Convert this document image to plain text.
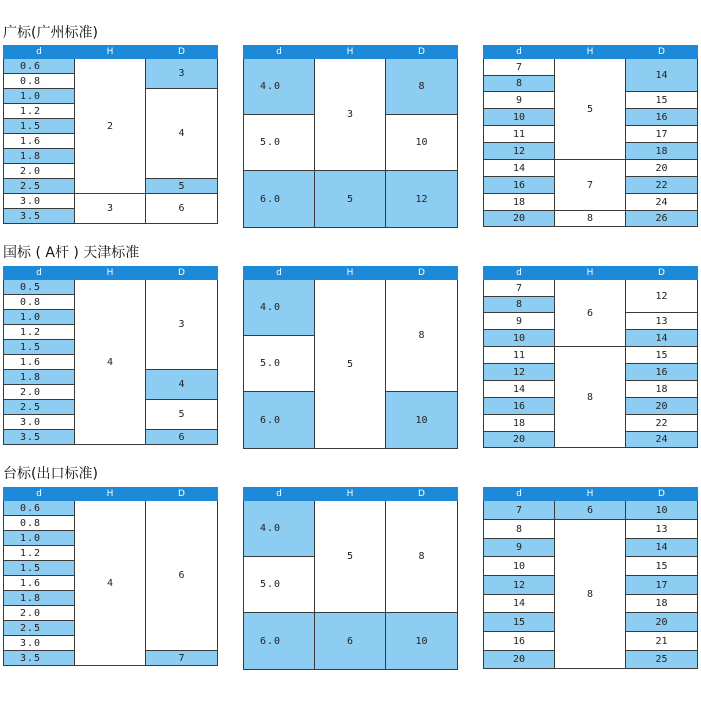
广标(广州标准)
d	H	D
0.6	2	3
0.8		
1.0		4
1.2		
1.5		
1.6		
1.8		
2.0		
2.5		5
3.0	3	6
3.5		
d	H	D
4.0	3	8
5.0		10
6.0	5	12
d	H	D
7	5	14
8		
9		15
10		16
11		17
12		18
14	7	20
16		22
18		24
20	8	26
国标 ( A杆 ) 天津标准
d	H	D
0.5	4	3
0.8		
1.0		
1.2		
1.5		
1.6		
1.8		4
2.0		
2.5		5
3.0		
3.5		6
d	H	D
4.0	5	8
5.0		
6.0		10
d	H	D
7	6	12
8		
9		13
10		14
11	8	15
12		16
14		18
16		20
18		22
20		24
台标(出口标准)
d	H	D
0.6	4	6
0.8		
1.0		
1.2		
1.5		
1.6		
1.8		
2.0		
2.5		
3.0		
3.5		7
d	H	D
4.0	5	8
5.0		
6.0	6	10
d	H	D
7	6	10
8	8	13
9		14
10		15
12		17
14		18
15		20
16		21
20		25
